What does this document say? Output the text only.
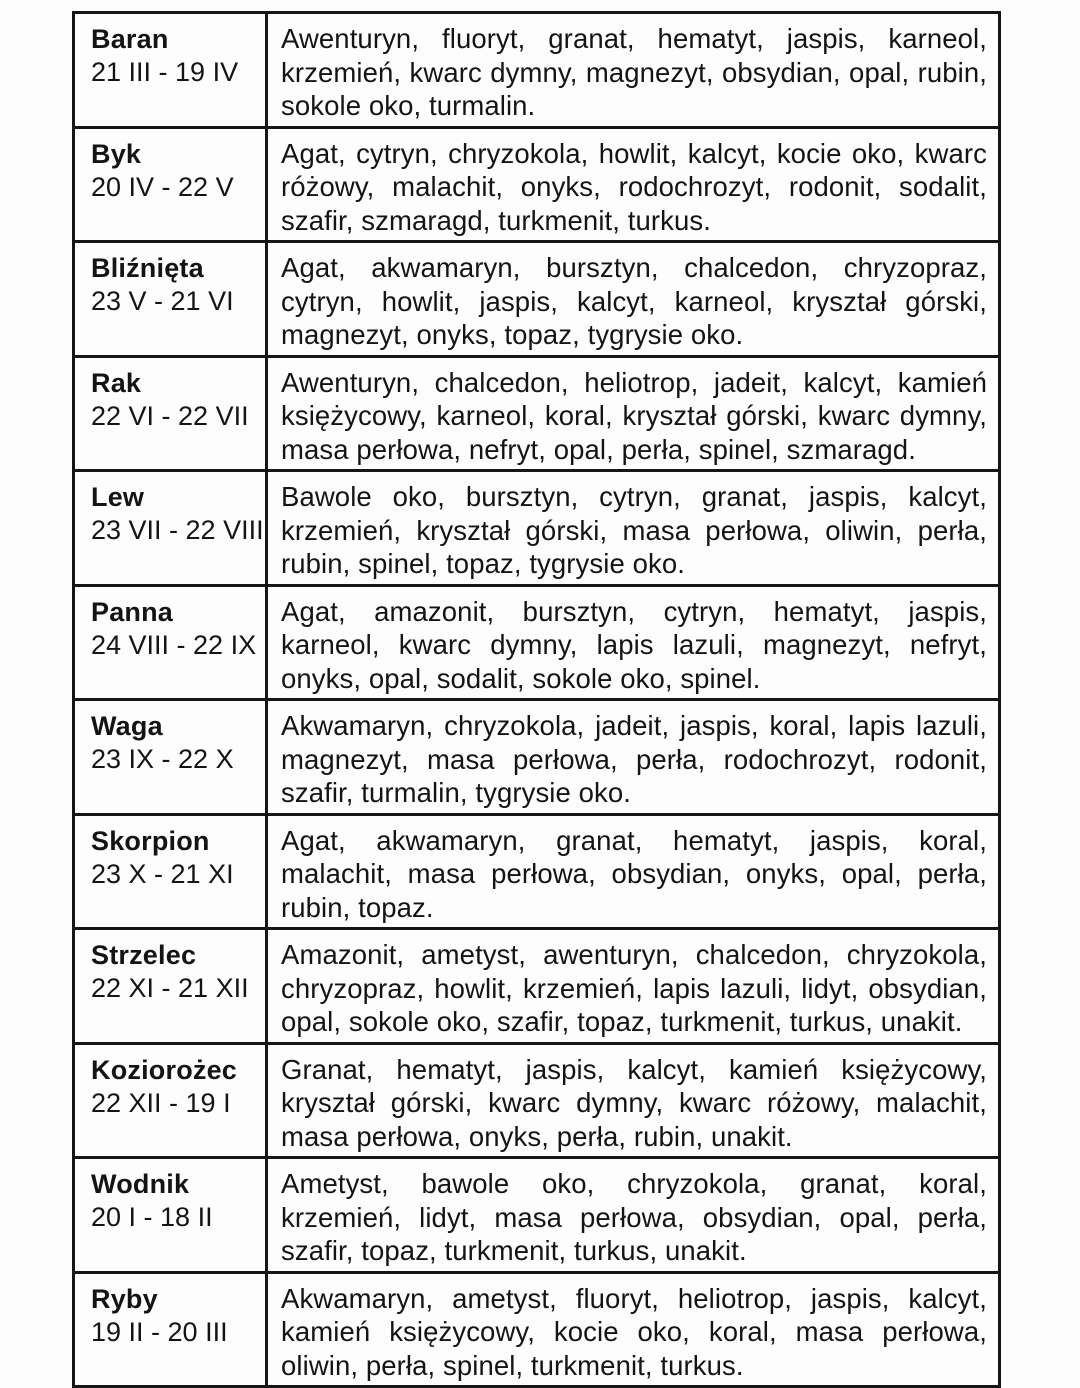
Baran
21 III - 19 IV	Awenturyn, fluoryt, granat, hematyt, jaspis, karneol, krzemień, kwarc dymny, magnezyt, obsydian, opal, rubin, sokole oko, turmalin.

Byk
20 IV - 22 V	Agat, cytryn, chryzokola, howlit, kalcyt, kocie oko, kwarc różowy, malachit, onyks, rodochrozyt, rodonit, sodalit, szafir, szmaragd, turkmenit, turkus.

Bliźnięta
23 V - 21 VI	Agat, akwamaryn, bursztyn, chalcedon, chryzopraz, cytryn, howlit, jaspis, kalcyt, karneol, kryształ górski, magnezyt, onyks, topaz, tygrysie oko.

Rak
22 VI - 22 VII	Awenturyn, chalcedon, heliotrop, jadeit, kalcyt, kamień księżycowy, karneol, koral, kryształ górski, kwarc dymny, masa perłowa, nefryt, opal, perła, spinel, szmaragd.

Lew
23 VII - 22 VIII	Bawole oko, bursztyn, cytryn, granat, jaspis, kalcyt, krzemień, kryształ górski, masa perłowa, oliwin, perła, rubin, spinel, topaz, tygrysie oko.

Panna
24 VIII - 22 IX	Agat, amazonit, bursztyn, cytryn, hematyt, jaspis, karneol, kwarc dymny, lapis lazuli, magnezyt, nefryt, onyks, opal, sodalit, sokole oko, spinel.

Waga
23 IX - 22 X	Akwamaryn, chryzokola, jadeit, jaspis, koral, lapis lazuli, magnezyt, masa perłowa, perła, rodochrozyt, rodonit, szafir, turmalin, tygrysie oko.

Skorpion
23 X - 21 XI	Agat, akwamaryn, granat, hematyt, jaspis, koral, malachit, masa perłowa, obsydian, onyks, opal, perła, rubin, topaz.

Strzelec
22 XI - 21 XII	Amazonit, ametyst, awenturyn, chalcedon, chryzokola, chryzopraz, howlit, krzemień, lapis lazuli, lidyt, obsydian, opal, sokole oko, szafir, topaz, turkmenit, turkus, unakit.

Koziorożec
22 XII - 19 I	Granat, hematyt, jaspis, kalcyt, kamień księżycowy, kryształ górski, kwarc dymny, kwarc różowy, malachit, masa perłowa, onyks, perła, rubin, unakit.

Wodnik
20 I - 18 II	Ametyst, bawole oko, chryzokola, granat, koral, krzemień, lidyt, masa perłowa, obsydian, opal, perła, szafir, topaz, turkmenit, turkus, unakit.

Ryby
19 II - 20 III	Akwamaryn, ametyst, fluoryt, heliotrop, jaspis, kalcyt, kamień księżycowy, kocie oko, koral, masa perłowa, oliwin, perła, spinel, turkmenit, turkus.
